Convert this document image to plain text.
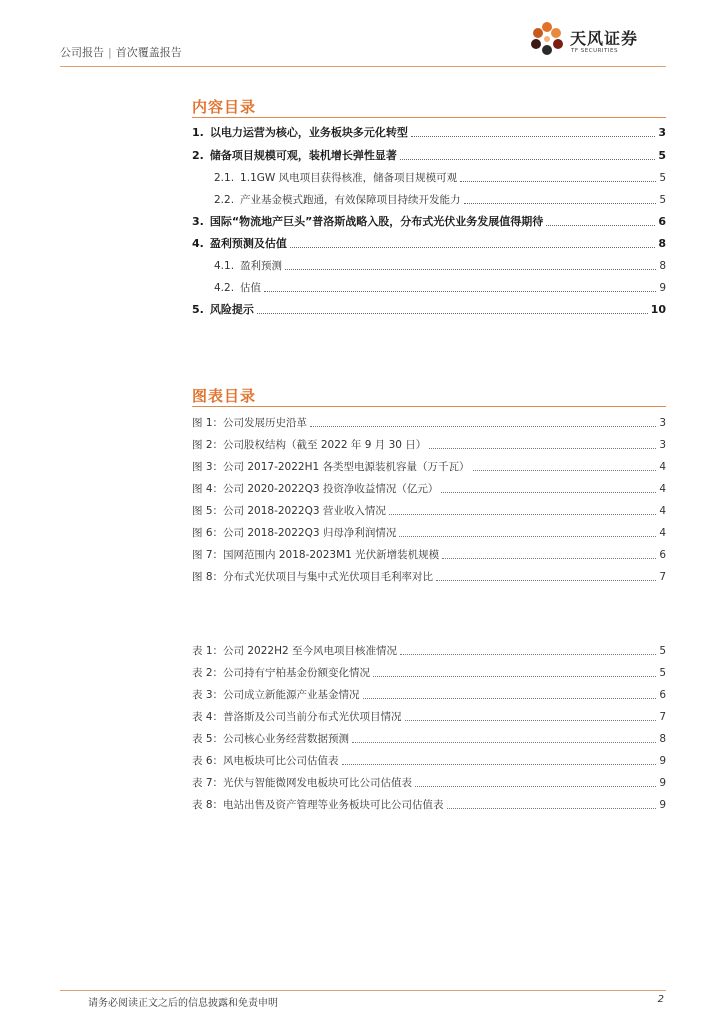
公司报告 | 首次覆盖报告
天风证券
TF SECURITIES
内容目录
1. 以电力运营为核心，业务板块多元化转型	3
2. 储备项目规模可观，装机增长弹性显著	5
2.1. 1.1GW 风电项目获得核准，储备项目规模可观	5
2.2. 产业基金模式跑通，有效保障项目持续开发能力	5
3. 国际“物流地产巨头”普洛斯战略入股，分布式光伏业务发展值得期待	6
4. 盈利预测及估值	8
4.1. 盈利预测	8
4.2. 估值	9
5. 风险提示	10
图表目录
图 1：公司发展历史沿革	3
图 2：公司股权结构（截至 2022 年 9 月 30 日）	3
图 3：公司 2017-2022H1 各类型电源装机容量（万千瓦）	4
图 4：公司 2020-2022Q3 投资净收益情况（亿元）	4
图 5：公司 2018-2022Q3 营业收入情况	4
图 6：公司 2018-2022Q3 归母净利润情况	4
图 7：国网范围内 2018-2023M1 光伏新增装机规模	6
图 8：分布式光伏项目与集中式光伏项目毛利率对比	7
表 1：公司 2022H2 至今风电项目核准情况	5
表 2：公司持有宁柏基金份额变化情况	5
表 3：公司成立新能源产业基金情况	6
表 4：普洛斯及公司当前分布式光伏项目情况	7
表 5：公司核心业务经营数据预测	8
表 6：风电板块可比公司估值表	9
表 7：光伏与智能微网发电板块可比公司估值表	9
表 8：电站出售及资产管理等业务板块可比公司估值表	9
请务必阅读正文之后的信息披露和免责申明	2
